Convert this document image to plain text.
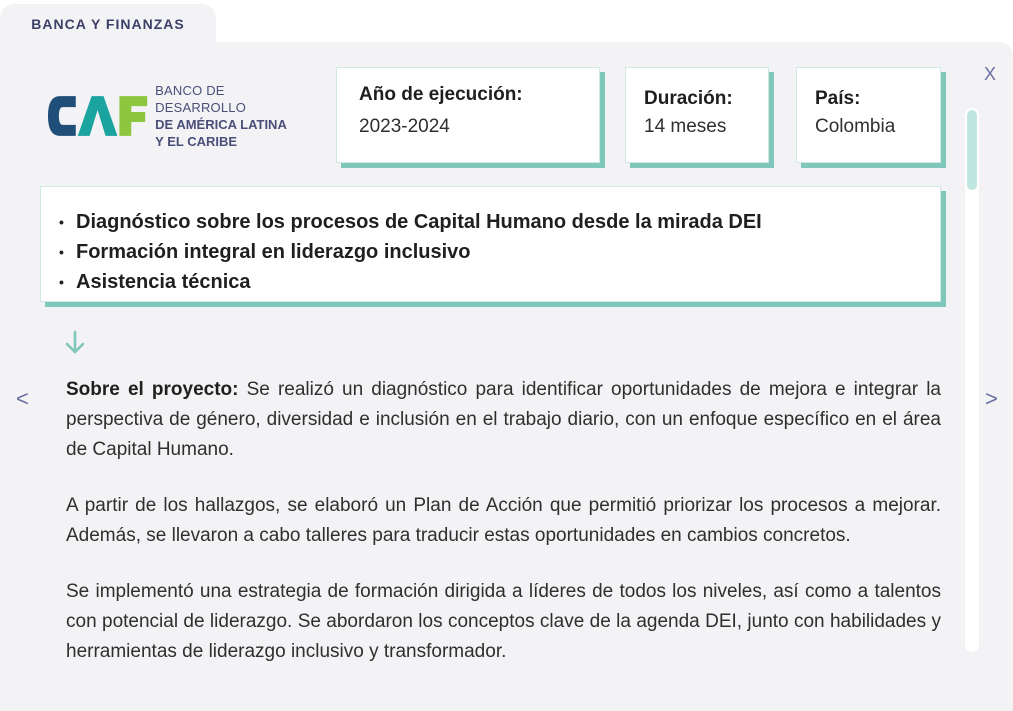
BANCA Y FINANZAS
X
<	>
BANCO DE DESARROLLO
DE AMÉRICA LATINA
Y EL CARIBE
Año de ejecución:
2023-2024
Duración:
14 meses
País:
Colombia
• Diagnóstico sobre los procesos de Capital Humano desde la mirada DEI
• Formación integral en liderazgo inclusivo
• Asistencia técnica

Sobre el proyecto: Se realizó un diagnóstico para identificar oportunidades de mejora e integrar la perspectiva de género, diversidad e inclusión en el trabajo diario, con un enfoque específico en el área de Capital Humano.

A partir de los hallazgos, se elaboró un Plan de Acción que permitió priorizar los procesos a mejorar. Además, se llevaron a cabo talleres para traducir estas oportunidades en cambios concretos.

Se implementó una estrategia de formación dirigida a líderes de todos los niveles, así como a talentos con potencial de liderazgo. Se abordaron los conceptos clave de la agenda DEI, junto con habilidades y herramientas de liderazgo inclusivo y transformador.
